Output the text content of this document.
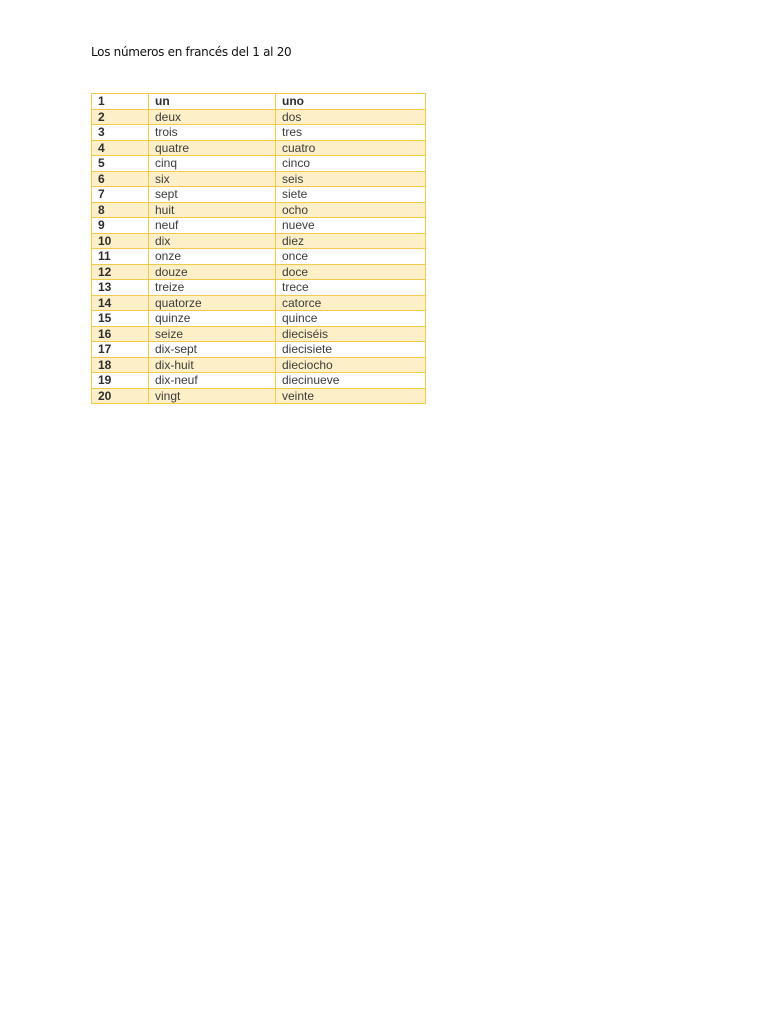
Los números en francés del 1 al 20
1	un	uno
2	deux	dos
3	trois	tres
4	quatre	cuatro
5	cinq	cinco
6	six	seis
7	sept	siete
8	huit	ocho
9	neuf	nueve
10	dix	diez
11	onze	once
12	douze	doce
13	treize	trece
14	quatorze	catorce
15	quinze	quince
16	seize	dieciséis
17	dix-sept	diecisiete
18	dix-huit	dieciocho
19	dix-neuf	diecinueve
20	vingt	veinte
